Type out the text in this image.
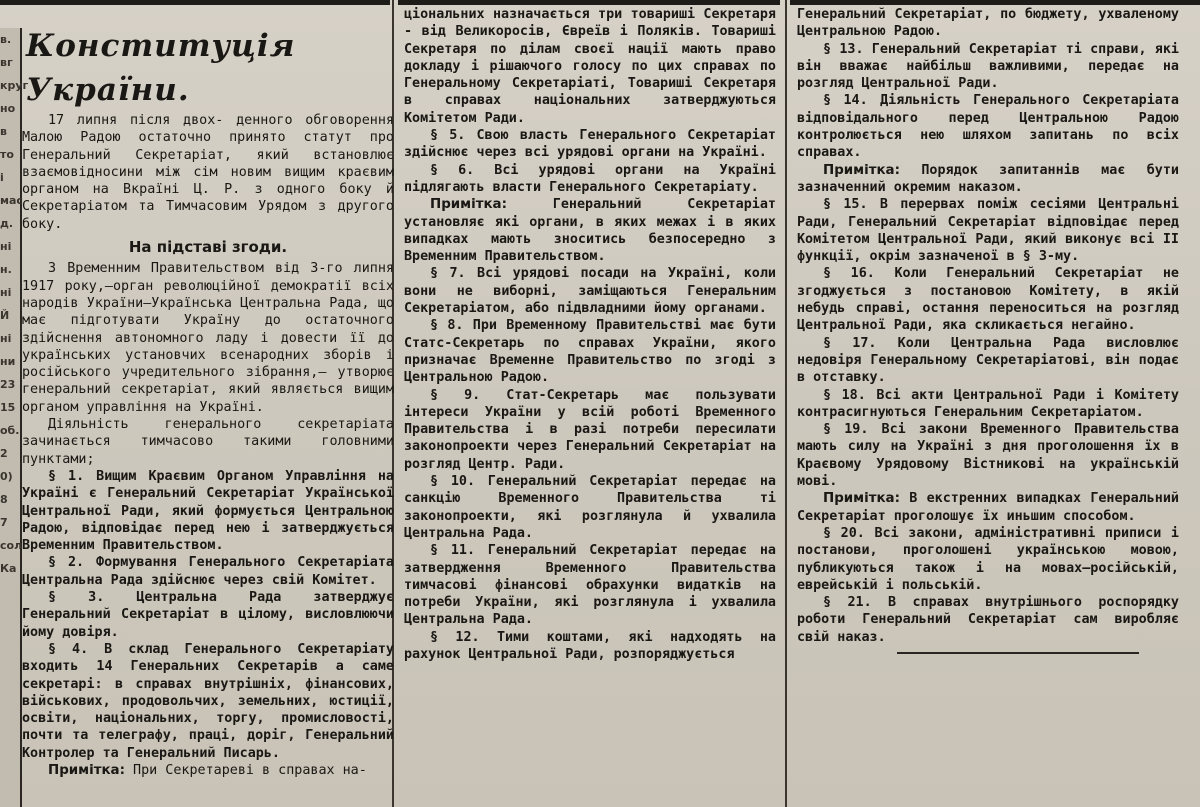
в.
вг
круг
но
в
то
і
мас
д.
ні
н.
ні
Й
ні
ни
23
15
об.
2
0)
8
7
сол
Ка
Конституція України.

17 липня після двох- денного обговорення Малою Радою остаточно принято статут про Генеральний Секретаріат, який встановлює взаємовідносини між сім новим вищим краєвим органом на Вкраїні Ц. Р. з одного боку й Секретаріатом та Тимчасовим Урядом з другого боку.

На підставі згоди.

З Временним Правительством від 3-го липня 1917 року,—орган революційної демократії всіх народів України—Українська Центральна Рада, що має підготувати Україну до остаточного здійснення автономного ладу і довести її до українських установчих всенародних зборів і російського учредительного зібрання,— утворює генеральний секретаріат, який являється вищим органом управління на Україні.

Діяльність генерального секретаріата зачинається тимчасово такими головними пунктами;

§ 1. Вищим Краєвим Органом Управління на Україні є Генеральний Секретаріат Української Центральної Ради, який формується Центральною Радою, відповідає перед нею і затверджується Временним Правительством.

§ 2. Формування Генерального Секретаріата Центральна Рада здійснює через свій Комітет.

§ 3. Центральна Рада затверджує Генеральний Секретаріат в цілому, висловлюючи йому довіря.

§ 4. В склад Генерального Секретаріату входить 14 Генеральних Секретарів а саме секретарі: в справах внутрішніх, фінансових, військових, продовольчих, земельних, юстиції, освіти, національних, торгу, промисловості, почти та телеграфу, праці, доріг, Генеральний Контролер та Генеральний Писарь.

Примітка: При Секретареві в справах на-

ціональних назначається три товариші Секретаря - від Великоросів, Євреїв і Поляків. Товариші Секретаря по ділам своєї нації мають право докладу і рішаючого голосу по цих справах по Генеральному Секретаріаті, Товариші Секретаря в справах національних затверджуються Комітетом Ради.

§ 5. Свою власть Генерального Секретаріат здійснює через всі урядові органи на Україні.

§ 6. Всі урядові органи на Україні підлягають власти Генерального Секретаріату.

Примітка:	Генеральний Секретаріат установляє які органи, в яких межах і в яких випадках мають зноситись безпосередно з Временним Правительством.

§ 7. Всі урядові посади на Україні, коли вони не виборні, заміщаються Генеральним Секретаріатом, або підвладними йому органами.

§ 8. При Временному Правительстві має бути Статс-Секретарь по справах України, якого призначає Временне Правительство по згоді з Центральною Радою.

§ 9. Стат-Секретарь має пользувати інтереси України у всій роботі Временного Правительства і в разі потреби пересилати законопроекти через Генеральний Секретаріат на розгляд Центр. Ради.

§ 10. Генеральний Секретаріат передає на санкцію Временного Правительства ті законопроекти, які розглянула й ухвалила Центральна Рада.

§ 11. Генеральний Секретаріат передає на затвердження Временного Правительства тимчасові фінансові обрахунки видатків на потреби України, які розглянула і ухвалила Центральна Рада.

§ 12. Тими коштами, які надходять на рахунок Центральної Ради, розпоряджується

Генеральний Секретаріат, по бюджету, ухваленому Центральною Радою.

§ 13. Генеральний Секретаріат ті справи, які він вважає найбільш важливими, передає на розгляд Центральної Ради.

§ 14. Діяльність Генерального Секретаріата відповідального перед Центральною Радою контролюється нею шляхом запитань по всіх справах.

Примітка: Порядок запитаннів має бути зазначенний окремим наказом.

§ 15. В перервах поміж сесіями Центральні Ради, Генеральний Секретаріат відповідає перед Комітетом Центральної Ради, який виконує всі II функції, окрім зазначеної в § 3-му.

§ 16. Коли Генеральний Секретаріат не згоджується з постановою Комітету, в якій небудь справі, остання переноситься на розгляд Центральної Ради, яка скликається негайно.

§ 17. Коли Центральна Рада висловлює недовіря Генеральному Секретаріатові, він подає в отставку.

§ 18. Всі акти Центральної Ради і Комітету контрасигнуються Генеральним Секретаріатом.

§ 19. Всі закони Временного Правительства мають силу на Україні з дня проголошення їх в Краєвому Урядовому Вістникові на українській мові.

Примітка: В екстренних випадках Генеральний Секретаріат проголошує їх иньшим способом.

§ 20. Всі закони, адміністративні приписи і постанови, проголошені українською мовою, публикуються також і на мовах—російській, еврейській і польській.

§ 21. В справах внутрішнього роспорядку роботи Генеральний Секретаріат сам виробляє свій наказ.
